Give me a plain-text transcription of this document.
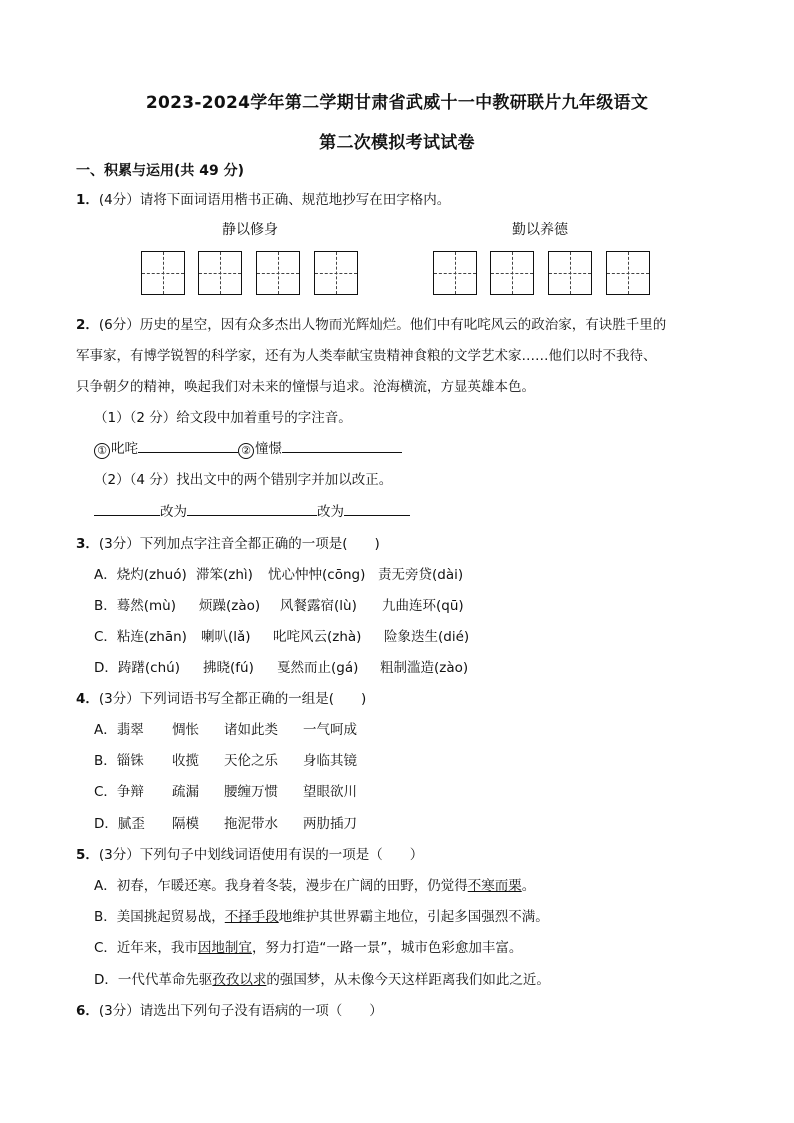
2023-2024学年第二学期甘肃省武威十一中教研联片九年级语文
第二次模拟考试试卷
一、积累与运用(共 49 分)
1．(4分）请将下面词语用楷书正确、规范地抄写在田字格内。
静以修身	勤以养德
2．(6分）历史的星空，因有众多杰出人物而光辉灿烂。他们中有叱咤风云的政治家，有诀胜千里的
军事家，有博学锐智的科学家，还有为人类奉献宝贵精神食粮的文学艺术家……他们以时不我待、
只争朝夕的精神，唤起我们对未来的憧憬与追求。沧海横流，方显英雄本色。
（1）（2 分）给文段中加着重号的字注音。
① 叱咤	② 憧憬
（2）（4 分）找出文中的两个错别字并加以改正。
改为	改为
3．(3分）下列加点字注音全都正确的一项是(　　)
A．烧灼(zhuó) 滞笨(zhì) 忧心忡忡(cōng) 责无旁贷(dài)
B．蓦然(mù) 烦躁(zào) 风餐露宿(lù) 九曲连环(qū)
C．粘连(zhān) 喇叭(lǎ) 叱咤风云(zhà) 险象迭生(dié)
D．踌躇(chú) 拂晓(fú) 戛然而止(gá) 粗制滥造(zào)
4．(3分）下列词语书写全都正确的一组是(　　)
A．翡翠 惆怅 诸如此类 一气呵成
B．锱铢 收揽 天伦之乐 身临其镜
C．争辩 疏漏 腰缠万惯 望眼欲川
D．腻歪 隔模 拖泥带水 两肋插刀
5．(3分）下列句子中划线词语使用有误的一项是（　　）
A．初春，乍暖还寒。我身着冬装，漫步在广阔的田野，仍觉得不寒而栗。
B．美国挑起贸易战，不择手段地维护其世界霸主地位，引起多国强烈不满。
C．近年来，我市因地制宜，努力打造“一路一景”，城市色彩愈加丰富。
D．一代代革命先驱孜孜以求的强国梦，从未像今天这样距离我们如此之近。
6．(3分）请选出下列句子没有语病的一项（　　）
